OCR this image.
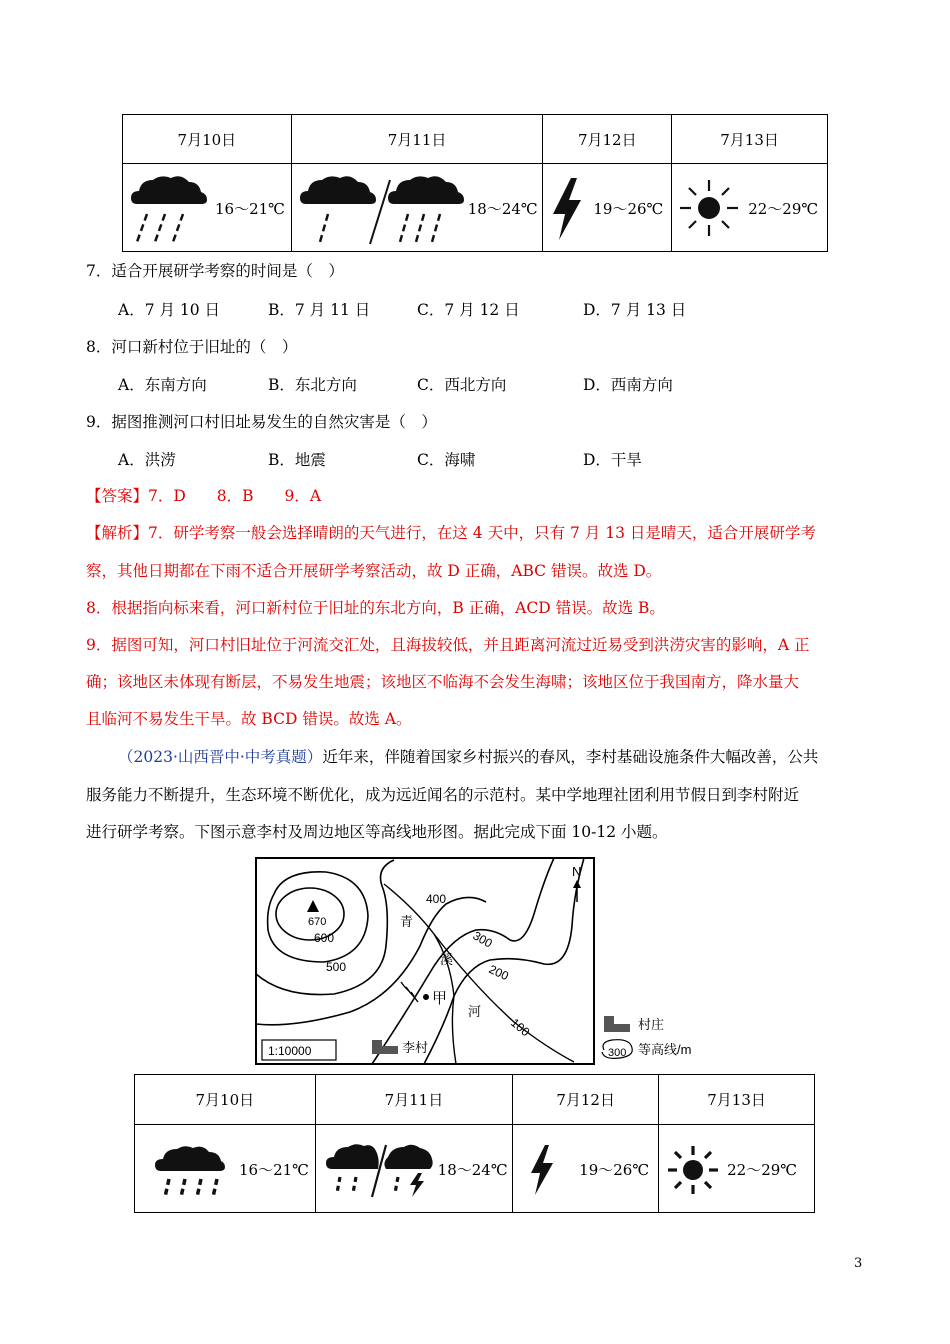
7月10日	7月11日	7月12日	7月13日

16～21℃	18～24℃	19～26℃	22～29℃
7．适合开展研学考察的时间是（　）
A．7 月 10 日	B．7 月 11 日	C．7 月 12 日	D．7 月 13 日
8．河口新村位于旧址的（　）
A．东南方向	B．东北方向	C．西北方向	D．西南方向
9．据图推测河口村旧址易发生的自然灾害是（　）
A．洪涝	B．地震	C．海啸	D．干旱
【答案】7．D　　8．B　　9．A
【解析】7．研学考察一般会选择晴朗的天气进行，在这 4 天中，只有 7 月 13 日是晴天，适合开展研学考
察，其他日期都在下雨不适合开展研学考察活动，故 D 正确，ABC 错误。故选 D。
8．根据指向标来看，河口新村位于旧址的东北方向，B 正确，ACD 错误。故选 B。
9．据图可知，河口村旧址位于河流交汇处，且海拔较低，并且距离河流过近易受到洪涝灾害的影响，A 正
确；该地区未体现有断层，不易发生地震；该地区不临海不会发生海啸；该地区位于我国南方，降水量大
且临河不易发生干旱。故 BCD 错误。故选 A。
（2023·山西晋中·中考真题）近年来，伴随着国家乡村振兴的春风，李村基础设施条件大幅改善，公共
服务能力不断提升，生态环境不断优化，成为远近闻名的示范村。某中学地理社团利用节假日到李村附近
进行研学考察。下图示意李村及周边地区等高线地形图。据此完成下面 10-12 小题。
670
600
500
400
300
200
100
青
溪
河
甲
N
1:10000	李村
村庄
300 等高线/m
7月10日	7月11日	7月12日	7月13日

16～21℃	18～24℃	19～26℃	22～29℃
3
